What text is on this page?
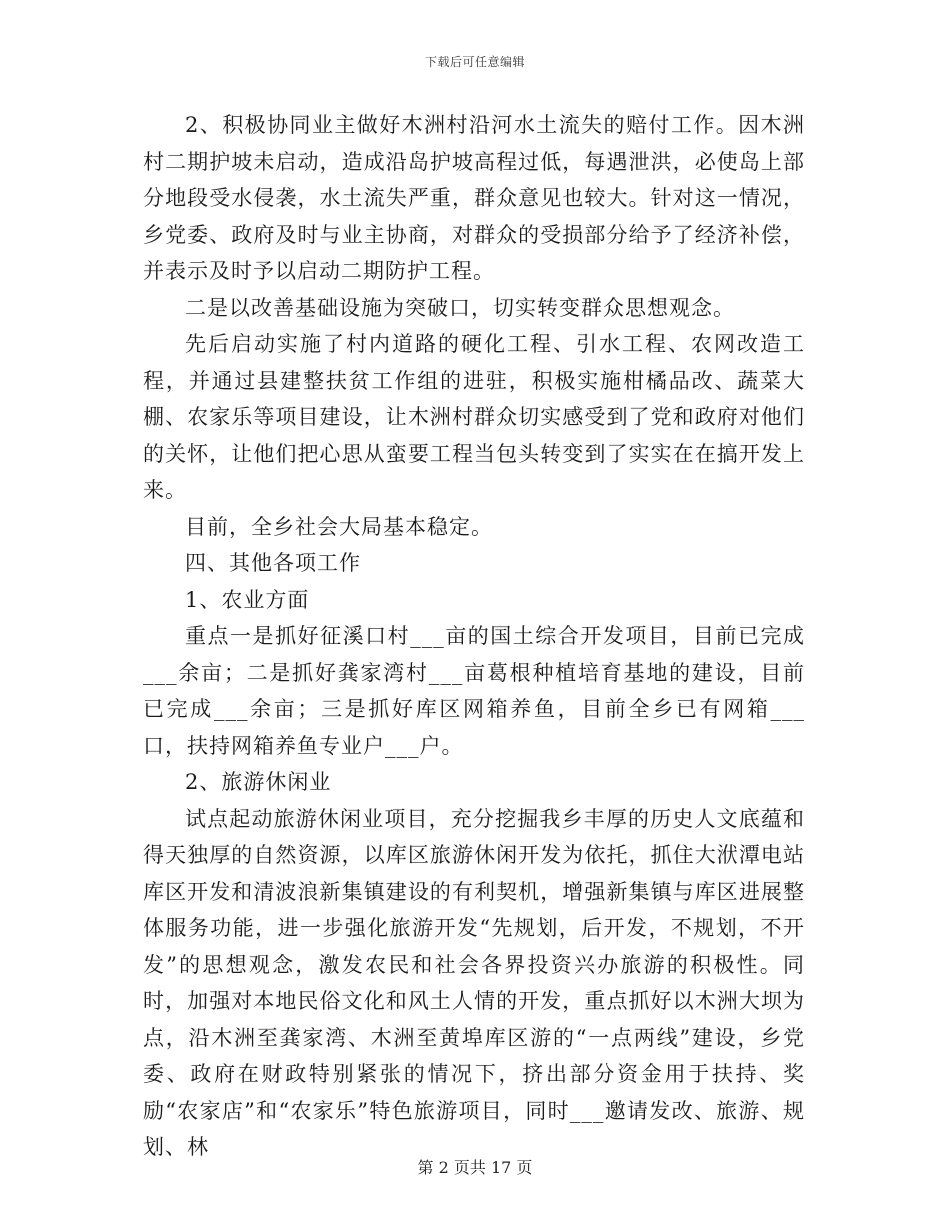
下载后可任意编辑

2、积极协同业主做好木洲村沿河水土流失的赔付工作。因木洲村二期护坡未启动，造成沿岛护坡高程过低，每遇泄洪，必使岛上部分地段受水侵袭，水土流失严重，群众意见也较大。针对这一情况，乡党委、政府及时与业主协商，对群众的受损部分给予了经济补偿，并表示及时予以启动二期防护工程。

二是以改善基础设施为突破口，切实转变群众思想观念。

先后启动实施了村内道路的硬化工程、引水工程、农网改造工程，并通过县建整扶贫工作组的进驻，积极实施柑橘品改、蔬菜大棚、农家乐等项目建设，让木洲村群众切实感受到了党和政府对他们的关怀，让他们把心思从蛮要工程当包头转变到了实实在在搞开发上来。

目前，全乡社会大局基本稳定。

四、其他各项工作

1、农业方面

重点一是抓好征溪口村___亩的国土综合开发项目，目前已完成___余亩；二是抓好龚家湾村___亩葛根种植培育基地的建设，目前已完成___余亩；三是抓好库区网箱养鱼，目前全乡已有网箱___口，扶持网箱养鱼专业户___户。

2、旅游休闲业

试点起动旅游休闲业项目，充分挖掘我乡丰厚的历史人文底蕴和得天独厚的自然资源，以库区旅游休闲开发为依托，抓住大洑潭电站库区开发和清波浪新集镇建设的有利契机，增强新集镇与库区进展整体服务功能，进一步强化旅游开发“先规划，后开发，不规划，不开发”的思想观念，激发农民和社会各界投资兴办旅游的积极性。同时，加强对本地民俗文化和风土人情的开发，重点抓好以木洲大坝为点，沿木洲至龚家湾、木洲至黄埠库区游的“一点两线”建设，乡党委、政府在财政特别紧张的情况下，挤出部分资金用于扶持、奖励“农家店”和“农家乐”特色旅游项目，同时___邀请发改、旅游、规划、林

第 2 页共 17 页
